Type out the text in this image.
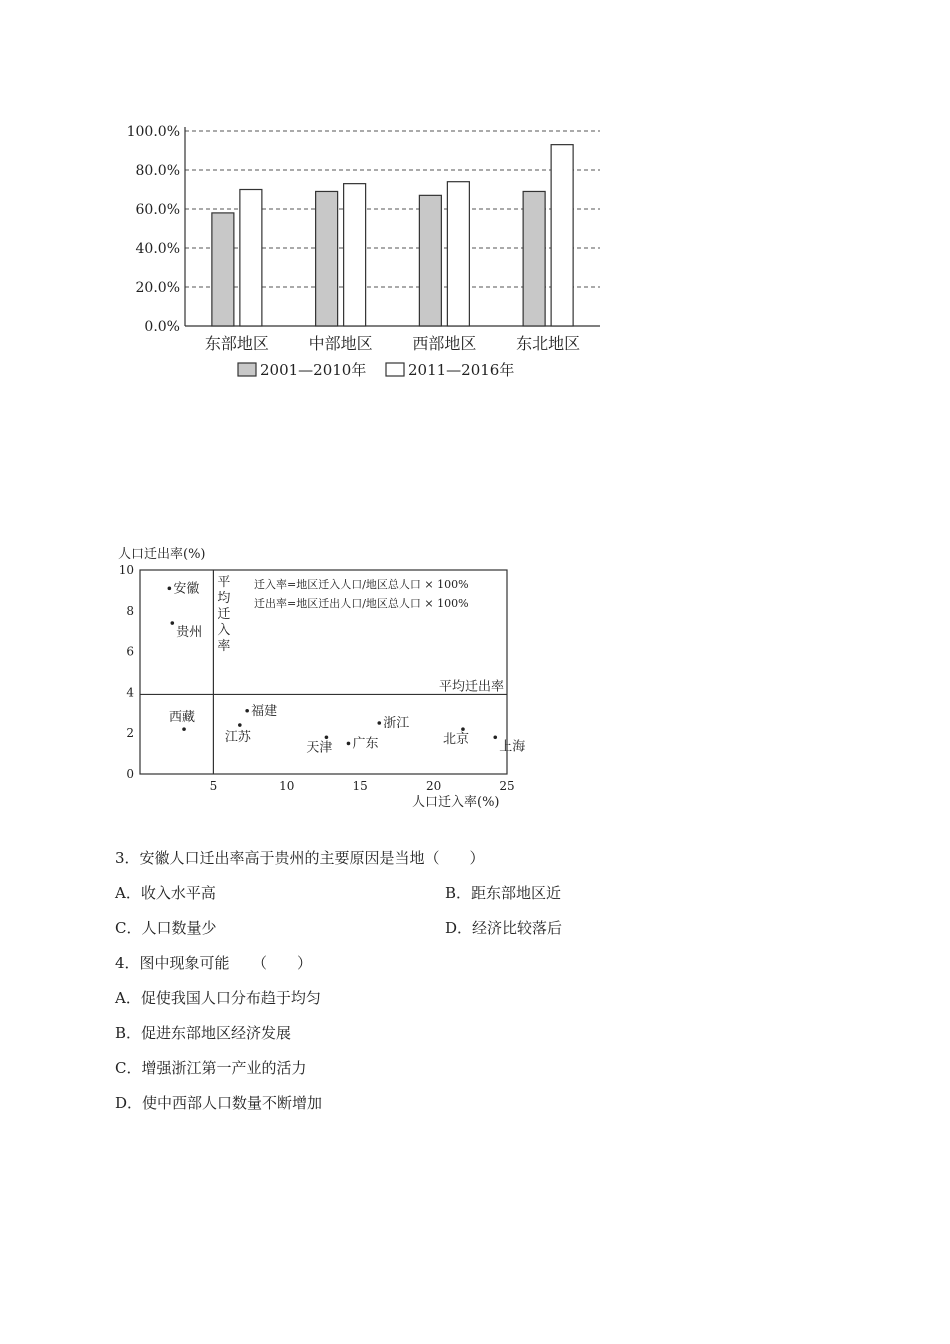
0.0%
20.0%
40.0%
60.0%
80.0%
100.0%
东部地区 中部地区 西部地区 东北地区
2001—2010年	2011—2016年
人口迁出率(%)
人口迁入率(%)
0
2
4
6
8
10
5	10	15	20	25
平均迁入率
平均迁出率
迁入率=地区迁入人口/地区总人口 × 100%
迁出率=地区迁出人口/地区总人口 × 100%
安徽
贵州
西藏	福建
江苏
天津 广东
浙江
北京 上海
3．安徽人口迁出率高于贵州的主要原因是当地（　　）
A．收入水平高	B．距东部地区近
C．人口数量少	D．经济比较落后
4．图中现象可能　　（　　）
A．促使我国人口分布趋于均匀
B．促进东部地区经济发展
C．增强浙江第一产业的活力
D．使中西部人口数量不断增加
